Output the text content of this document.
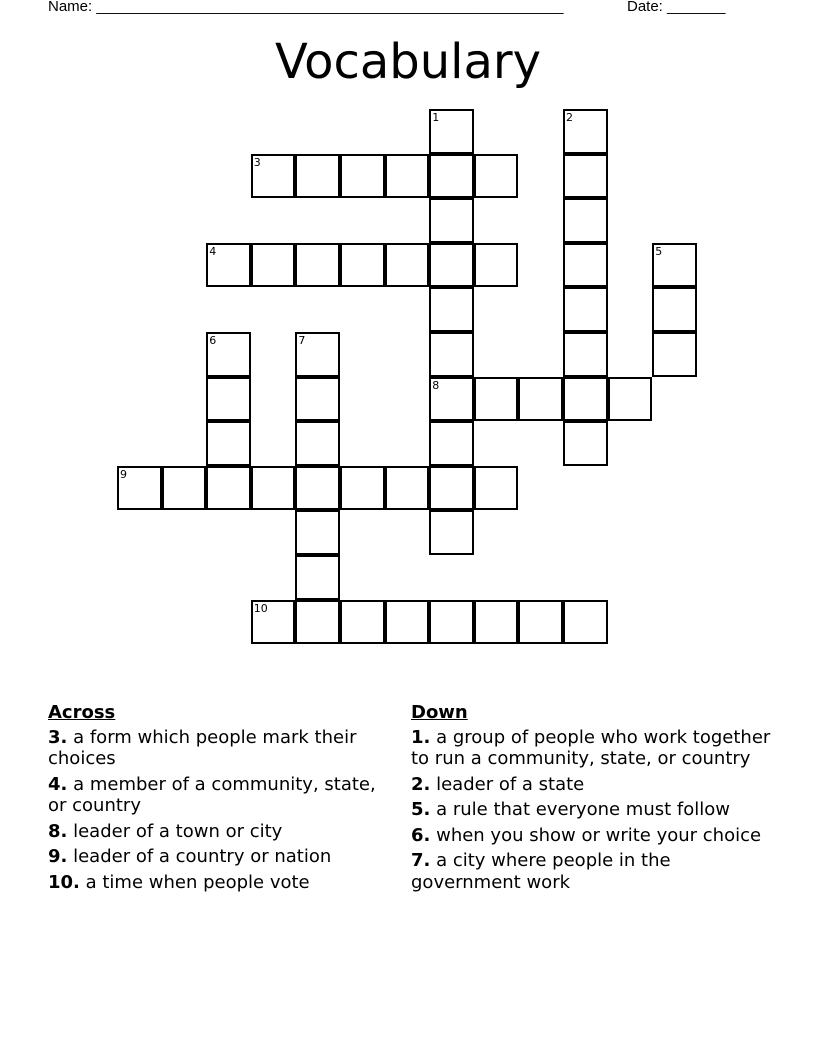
Name: ________________________________________________________	Date: _______
Vocabulary
1
8
2
3
4	5
6	7
9
10
Across
3. a form which people mark their choices
4. a member of a community, state, or country
8. leader of a town or city
9. leader of a country or nation
10. a time when people vote
Down
1. a group of people who work together to run a community, state, or country
2. leader of a state
5. a rule that everyone must follow
6. when you show or write your choice
7. a city where people in the government work
